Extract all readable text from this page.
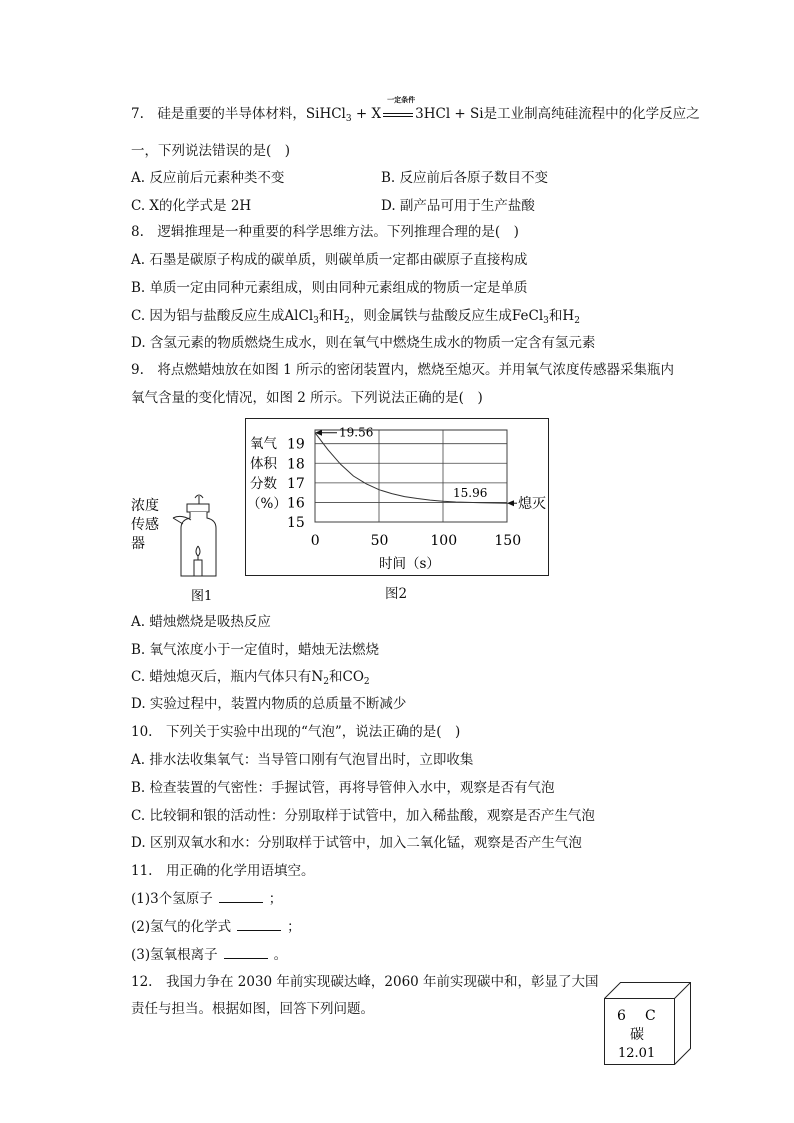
7.　硅是重要的半导体材料，SiHCl$_3$ + X
一定条件
3HCl + Si是工业制高纯硅流程中的化学反应之
一，下列说法错误的是(　)
A. 反应前后元素种类不变	B. 反应前后各原子数目不变
C. X的化学式是 2H	D. 副产品可用于生产盐酸
8.　逻辑推理是一种重要的科学思维方法。下列推理合理的是(　)
A. 石墨是碳原子构成的碳单质，则碳单质一定都由碳原子直接构成
B. 单质一定由同种元素组成，则由同种元素组成的物质一定是单质
C. 因为铝与盐酸反应生成AlCl$_3$和$H_2$，则金属铁与盐酸反应生成FeCl$_3$和$H_2$
D. 含氢元素的物质燃烧生成水，则在氧气中燃烧生成水的物质一定含有氢元素
9.　将点燃蜡烛放在如图 1 所示的密闭装置内，燃烧至熄灭。并用氧气浓度传感器采集瓶内
氧气含量的变化情况，如图 2 所示。下列说法正确的是(　)
浓度
传感
器
图1
氧气
体积
分数
（%）
19
18
17
16
15
0	50	100	150
19.56
15.96
熄灭
时间（s）
图2
A. 蜡烛燃烧是吸热反应
B. 氧气浓度小于一定值时，蜡烛无法燃烧
C. 蜡烛熄灭后，瓶内气体只有$N_2$和$CO_2$
D. 实验过程中，装置内物质的总质量不断减少
10.　下列关于实验中出现的“气泡”，说法正确的是(　)
A. 排水法收集氧气：当导管口刚有气泡冒出时，立即收集
B. 检查装置的气密性：手握试管，再将导管伸入水中，观察是否有气泡
C. 比较铜和银的活动性：分别取样于试管中，加入稀盐酸，观察是否产生气泡
D. 区别双氧水和水：分别取样于试管中，加入二氧化锰，观察是否产生气泡
11.　用正确的化学用语填空。
(1)3个氢原子	；
(2)氢气的化学式	；
(3)氢氧根离子	。
12.　我国力争在 2030 年前实现碳达峰，2060 年前实现碳中和，彰显了大国
责任与担当。根据如图，回答下列问题。	6 C
碳
12.01
